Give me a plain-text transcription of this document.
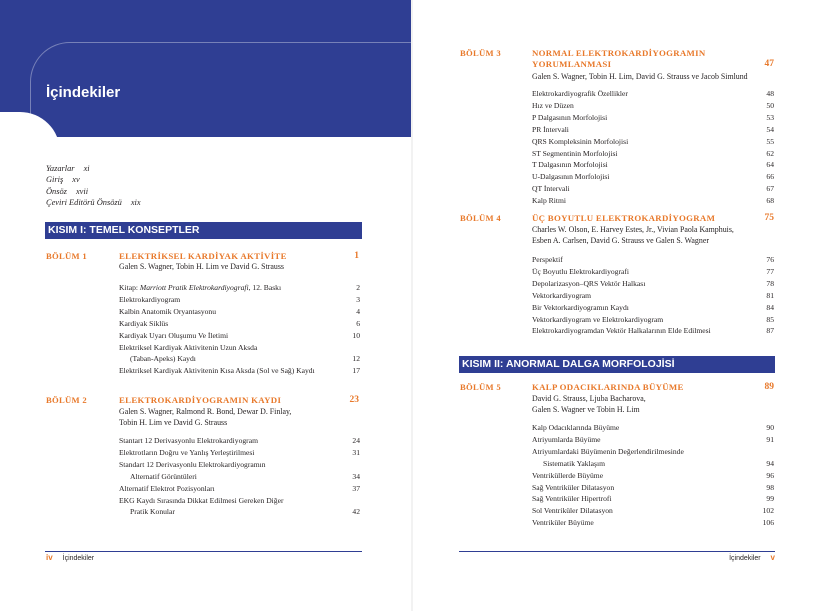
İçindekiler
Yazarlar xi
Giriş xv
Önsöz xvii
Çeviri Editörü Önsözü xix
KISIM I: TEMEL KONSEPTLER
BÖLÜM 1	ELEKTRİKSEL KARDİYAK AKTİVİTE	1
Galen S. Wagner, Tobin H. Lim ve David G. Strauss
Kitap: Marriott Pratik Elektrokardiyografi, 12. Baskı	2
Elektrokardiyogram	3
Kalbin Anatomik Oryantasyonu	4
Kardiyak Siklüs	6
Kardiyak Uyarı Oluşumu Ve İletimi	10
Elektriksel Kardiyak Aktivitenin Uzun Aksda
(Taban-Apeks) Kaydı	12
Elektriksel Kardiyak Aktivitenin Kısa Aksda (Sol ve Sağ) Kaydı	17
BÖLÜM 2	ELEKTROKARDİYOGRAMIN KAYDI	23
Galen S. Wagner, Ralmond R. Bond, Dewar D. Finlay,
Tobin H. Lim ve David G. Strauss
Stantart 12 Derivasyonlu Elektrokardiyogram	24
Elektrotların Doğru ve Yanlış Yerleştirilmesi	31
Standart 12 Derivasyonlu Elektrokardiyogramın
Alternatif Görüntüleri	34
Alternatif Elektrot Pozisyonları	37
EKG Kaydı Sırasında Dikkat Edilmesi Gereken Diğer
Pratik Konular	42
iv İçindekiler
BÖLÜM 3	NORMAL ELEKTROKARDİYOGRAMIN
YORUMLANMASI	47
Galen S. Wagner, Tobin H. Lim, David G. Strauss ve Jacob Simlund
Elektrokardiyografik Özellikler	48
Hız ve Düzen	50
P Dalgasının Morfolojisi	53
PR İntervali	54
QRS Kompleksinin Morfolojisi	55
ST Segmentinin Morfolojisi	62
T Dalgasının Morfolojisi	64
U-Dalgasının Morfolojisi	66
QT İntervali	67
Kalp Ritmi	68
BÖLÜM 4	ÜÇ BOYUTLU ELEKTROKARDİYOGRAM	75
Charles W. Olson, E. Harvey Estes, Jr., Vivian Paola Kamphuis,
Esben A. Carlsen, David G. Strauss ve Galen S. Wagner
Perspektif	76
Üç Boyutlu Elektrokardiyografi	77
Depolarizasyon–QRS Vektör Halkası	78
Vektorkardiyogram	81
Bir Vektorkardiyogramın Kaydı	84
Vektorkardiyogram ve Elektrokardiyogram	85
Elektrokardiyogramdan Vektör Halkalarının Elde Edilmesi	87
KISIM II: ANORMAL DALGA MORFOLOJİSİ
BÖLÜM 5	KALP ODACIKLARINDA BÜYÜME	89
David G. Strauss, Ljuba Bacharova,
Galen S. Wagner ve Tobin H. Lim
Kalp Odacıklarında Büyüme	90
Atriyumlarda Büyüme	91
Atriyumlardaki Büyümenin Değerlendirilmesinde
Sistematik Yaklaşım	94
Ventriküllerde Büyüme	96
Sağ Ventriküler Dilatasyon	98
Sağ Ventriküler Hipertrofi	99
Sol Ventriküler Dilatasyon	102
Ventriküler Büyüme	106
İçindekiler v
